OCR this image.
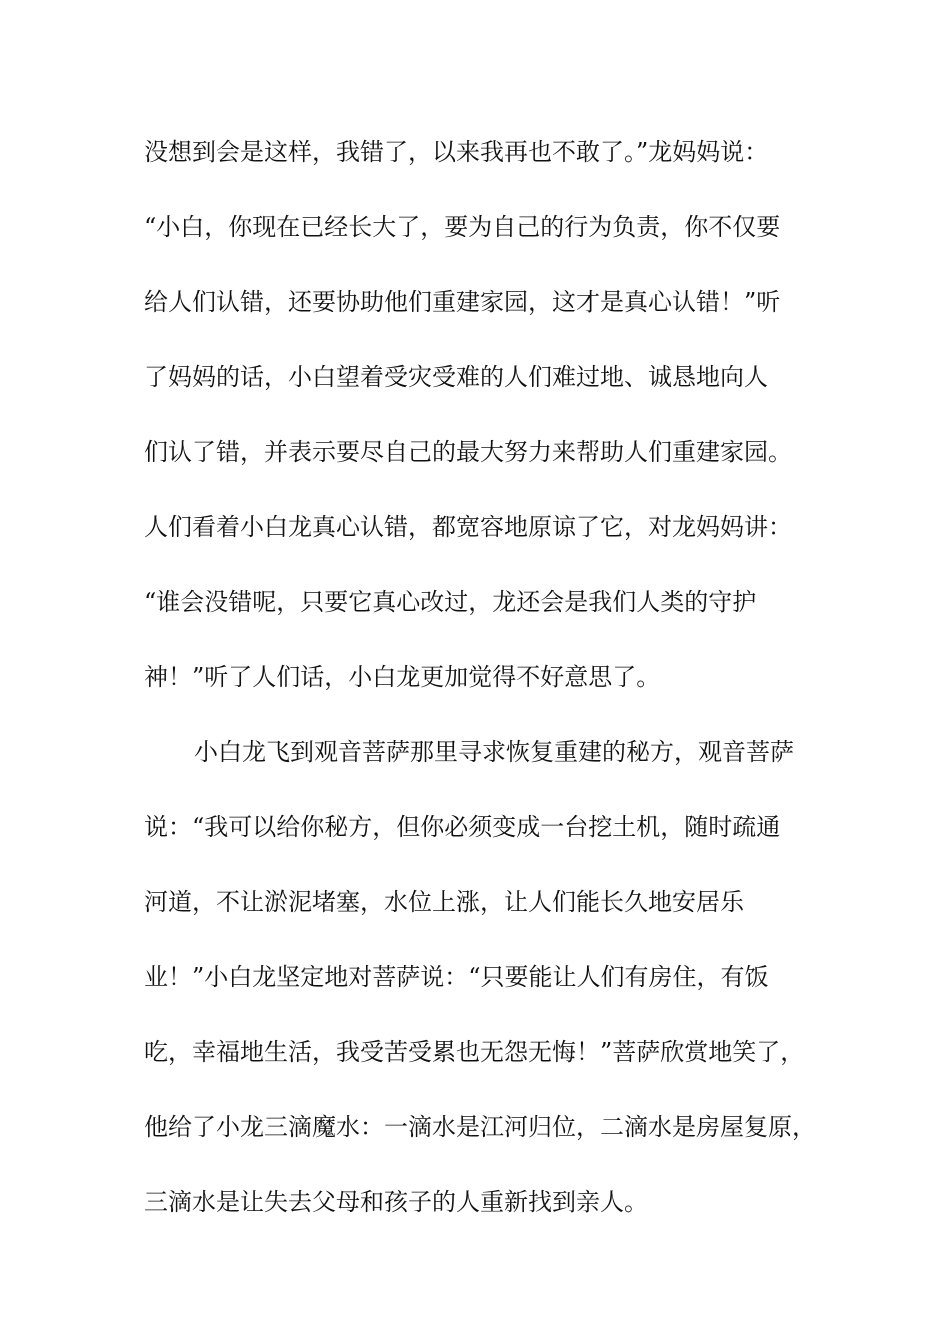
没想到会是这样，我错了，以来我再也不敢了。”龙妈妈说：
“小白，你现在已经长大了，要为自己的行为负责，你不仅要
给人们认错，还要协助他们重建家园，这才是真心认错！”听
了妈妈的话，小白望着受灾受难的人们难过地、诚恳地向人
们认了错，并表示要尽自己的最大努力来帮助人们重建家园。
人们看着小白龙真心认错，都宽容地原谅了它，对龙妈妈讲：
“谁会没错呢，只要它真心改过，龙还会是我们人类的守护
神！”听了人们话，小白龙更加觉得不好意思了。
小白龙飞到观音菩萨那里寻求恢复重建的秘方，观音菩萨
说：“我可以给你秘方，但你必须变成一台挖土机，随时疏通
河道，不让淤泥堵塞，水位上涨，让人们能长久地安居乐
业！”小白龙坚定地对菩萨说：“只要能让人们有房住，有饭
吃，幸福地生活，我受苦受累也无怨无悔！”菩萨欣赏地笑了，
他给了小龙三滴魔水：一滴水是江河归位，二滴水是房屋复原，
三滴水是让失去父母和孩子的人重新找到亲人。
